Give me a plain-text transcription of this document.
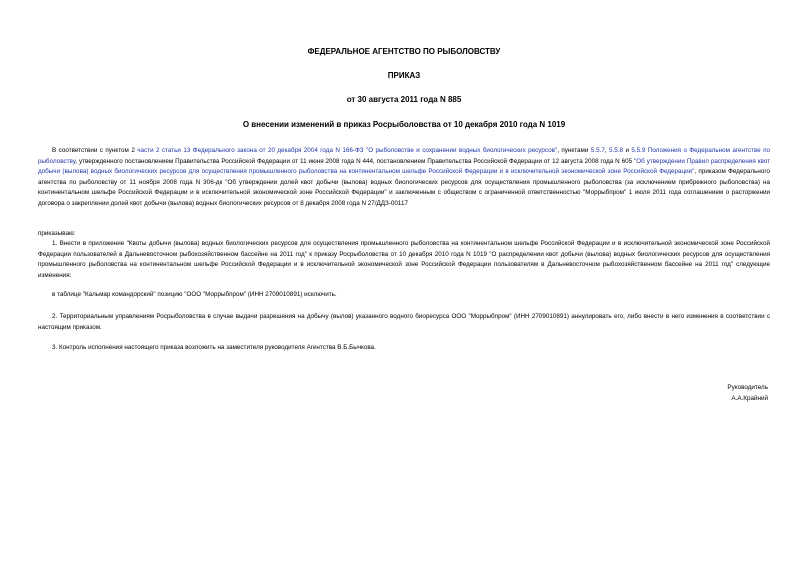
ФЕДЕРАЛЬНОЕ АГЕНТСТВО ПО РЫБОЛОВСТВУ
ПРИКАЗ
от 30 августа 2011 года N 885
О внесении изменений в приказ Росрыболовства от 10 декабря 2010 года N 1019

В соответствии с пунктом 2 части 2 статьи 13 Федерального закона от 20 декабря 2004 года N 166-ФЗ "О рыболовстве и сохранении водных биологических ресурсов", пунктами 5.5.7, 5.5.8 и 5.5.9 Положения о Федеральном агентстве по рыболовству, утвержденного постановлением Правительства Российской Федерации от 11 июня 2008 года N 444, постановлением Правительства Российской Федерации от 12 августа 2008 года N 605 "Об утверждении Правил распределения квот добычи (вылова) водных биологических ресурсов для осуществления промышленного рыболовства на континентальном шельфе Российской Федерации и в исключительной экономической зоне Российской Федерации", приказом Федерального агентства по рыболовству от 11 ноября 2008 года N 306-дк "Об утверждении долей квот добычи (вылова) водных биологических ресурсов для осуществления промышленного рыболовства (за исключением прибрежного рыболовства) на континентальном шельфе Российской Федерации и в исключительной экономической зоне Российской Федерации" и заключенным с обществом с ограниченной ответственностью "Моррыбпром" 1 июля 2011 года соглашением о расторжении договора о закреплении долей квот добычи (вылова) водных биологических ресурсов от 8 декабря 2008 года N 27/ДДЗ-00117

приказываю:

1. Внести в приложение "Квоты добычи (вылова) водных биологических ресурсов для осуществления промышленного рыболовства на континентальном шельфе Российской Федерации и в исключительной экономической зоне Российской Федерации пользователей в Дальневосточном рыбохозяйственном бассейне на 2011 год" к приказу Росрыболовства от 10 декабря 2010 года N 1019 "О распределении квот добычи (вылова) водных биологических ресурсов для осуществления промышленного рыболовства на континентальном шельфе Российской Федерации и в исключительной экономической зоне Российской Федерации пользователям в Дальневосточном рыбохозяйственном бассейне на 2011 год" следующие изменения:

в таблице "Кальмар командорский" позицию "ООО "Моррыбпром" (ИНН 2709010891) исключить.

2. Территориальным управлениям Росрыболовства в случае выдачи разрешения на добычу (вылов) указанного водного биоресурса ООО "Моррыбпром" (ИНН 2709010891) аннулировать его, либо внести в него изменения в соответствии с настоящим приказом.

3. Контроль исполнения настоящего приказа возложить на заместителя руководителя Агентства В.Б.Бычкова.

Руководитель
А.А.Крайний
